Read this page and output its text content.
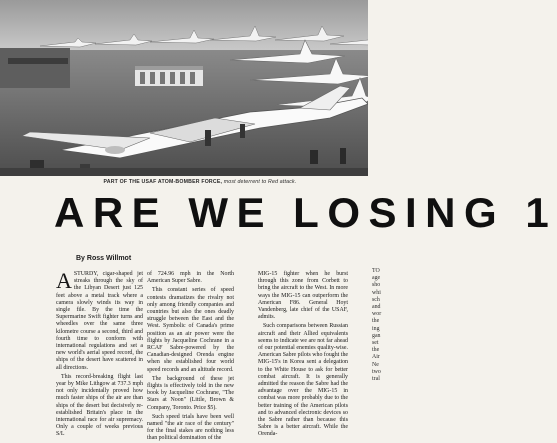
PART OF THE USAF ATOM-BOMBER FORCE, most deterrent to Red attack.
ARE WE LOSING 1
By Ross Willmot

ASTURDY, cigar-shaped jet streaks through the sky of the Libyan Desert just 125 feet above a metal track where a camera slowly winds its way in single file. By the time the Supermarine Swift fighter turns and wheedles over the same three kilometre course a second, third and fourth time to conform with international regulations and set a new world's aerial speed record, the ships of the desert have scattered in all directions.

This record-breaking flight last year by Mike Lithgow at 737.3 mph not only incidentally proved how much faster ships of the air are than ships of the desert but decisively re-established Britain's place in the international race for air supremacy. Only a couple of weeks previous S/L

of 724.96 mph in the North American Super Sabre.

This constant series of speed contests dramatizes the rivalry not only among friendly companies and countries but also the ones deadly struggle between the East and the West. Symbolic of Canada's prime position as an air power were the flights by Jacqueline Cochrane in a RCAF Sabre-powered by the Canadian-designed Orenda engine when she established four world speed records and an altitude record.

The background of these jet flights is effectively told in the new book by Jacqueline Cochrane, "The Stars at Noon" (Little, Brown & Company, Toronto. Price $5).

Such speed trials have been well named "the air race of the century" for the final stakes are nothing less than political domination of the

MIG-15 fighter when he burst through this zone from Corbett to bring the aircraft to the West. In more ways the MIG-15 can outperform the American F86. General Hoyt Vandenberg, late chief of the USAF, admits.

Such comparisons between Russian aircraft and their Allied equivalents seems to indicate we are not far ahead of our potential enemies quality-wise. American Sabre pilots who fought the MIG-15's in Korea sent a delegation to the White House to ask for better combat aircraft. It is generally admitted the reason the Sabre had the advantage over the MIG-15 in combat was more probably due to the better training of the American pilots and to advanced electronic devices so the Sabre rather than because this Sabre is a better aircraft. While the Orenda-

TO
age
sho
whi
sch
and
wor
the
ing
gan
set
the
Air
Ne
two
tral
